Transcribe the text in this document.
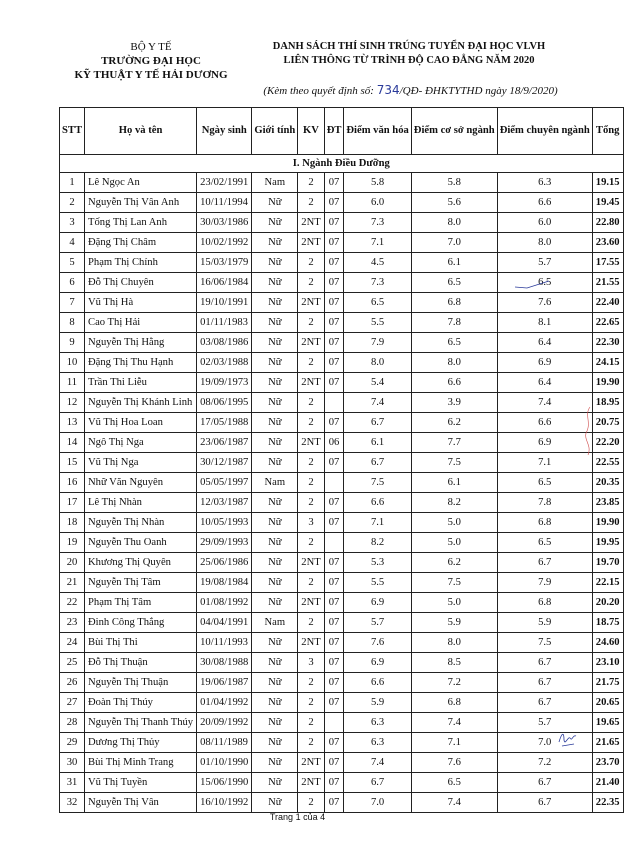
BỘ Y TẾ
TRƯỜNG ĐẠI HỌC
KỸ THUẬT Y TẾ HẢI DƯƠNG
DANH SÁCH THÍ SINH TRÚNG TUYỂN ĐẠI HỌC VLVH
LIÊN THÔNG TỪ TRÌNH ĐỘ CAO ĐẲNG NĂM 2020
(Kèm theo quyết định số: 734/QĐ- ĐHKTYTHD ngày 18/9/2020)
STT	Họ và tên	Ngày sinh	Giới tính	KV	ĐT	Điểm văn hóa	Điểm cơ sở ngành	Điểm chuyên ngành	Tổng
I. Ngành Điều Dưỡng									
1	Lê Ngọc An	23/02/1991	Nam	2	07	5.8	5.8	6.3	19.15
2	Nguyễn Thị Vân Anh	10/11/1994	Nữ	2	07	6.0	5.6	6.6	19.45
3	Tống Thị Lan Anh	30/03/1986	Nữ	2NT	07	7.3	8.0	6.0	22.80
4	Đặng Thị Châm	10/02/1992	Nữ	2NT	07	7.1	7.0	8.0	23.60
5	Phạm Thị Chính	15/03/1979	Nữ	2	07	4.5	6.1	5.7	17.55
6	Đỗ Thị Chuyên	16/06/1984	Nữ	2	07	7.3	6.5	6.5	21.55
7	Vũ Thị Hà	19/10/1991	Nữ	2NT	07	6.5	6.8	7.6	22.40
8	Cao Thị Hải	01/11/1983	Nữ	2	07	5.5	7.8	8.1	22.65
9	Nguyễn Thị Hằng	03/08/1986	Nữ	2NT	07	7.9	6.5	6.4	22.30
10	Đặng Thị Thu Hạnh	02/03/1988	Nữ	2	07	8.0	8.0	6.9	24.15
11	Trần Thi Liễu	19/09/1973	Nữ	2NT	07	5.4	6.6	6.4	19.90
12	Nguyễn Thị Khánh Linh	08/06/1995	Nữ	2		7.4	3.9	7.4	18.95
13	Vũ Thị Hoa Loan	17/05/1988	Nữ	2	07	6.7	6.2	6.6	20.75
14	Ngô Thị Nga	23/06/1987	Nữ	2NT	06	6.1	7.7	6.9	22.20
15	Vũ Thị Nga	30/12/1987	Nữ	2	07	6.7	7.5	7.1	22.55
16	Nhữ Văn Nguyên	05/05/1997	Nam	2		7.5	6.1	6.5	20.35
17	Lê Thị Nhàn	12/03/1987	Nữ	2	07	6.6	8.2	7.8	23.85
18	Nguyễn Thị Nhàn	10/05/1993	Nữ	3	07	7.1	5.0	6.8	19.90
19	Nguyễn Thu Oanh	29/09/1993	Nữ	2		8.2	5.0	6.5	19.95
20	Khương Thị Quyên	25/06/1986	Nữ	2NT	07	5.3	6.2	6.7	19.70
21	Nguyễn Thị Tâm	19/08/1984	Nữ	2	07	5.5	7.5	7.9	22.15
22	Phạm Thị Tâm	01/08/1992	Nữ	2NT	07	6.9	5.0	6.8	20.20
23	Đinh Công Thắng	04/04/1991	Nam	2	07	5.7	5.9	5.9	18.75
24	Bùi Thị Thi	10/11/1993	Nữ	2NT	07	7.6	8.0	7.5	24.60
25	Đỗ Thị Thuận	30/08/1988	Nữ	3	07	6.9	8.5	6.7	23.10
26	Nguyễn Thị Thuận	19/06/1987	Nữ	2	07	6.6	7.2	6.7	21.75
27	Đoàn Thị Thúy	01/04/1992	Nữ	2	07	5.9	6.8	6.7	20.65
28	Nguyễn Thị Thanh Thúy	20/09/1992	Nữ	2		6.3	7.4	5.7	19.65
29	Dương Thị Thủy	08/11/1989	Nữ	2	07	6.3	7.1	7.0	21.65
30	Bùi Thị Minh Trang	01/10/1990	Nữ	2NT	07	7.4	7.6	7.2	23.70
31	Vũ Thị Tuyền	15/06/1990	Nữ	2NT	07	6.7	6.5	6.7	21.40
32	Nguyễn Thị Vân	16/10/1992	Nữ	2	07	7.0	7.4	6.7	22.35
Trang 1 của 4
